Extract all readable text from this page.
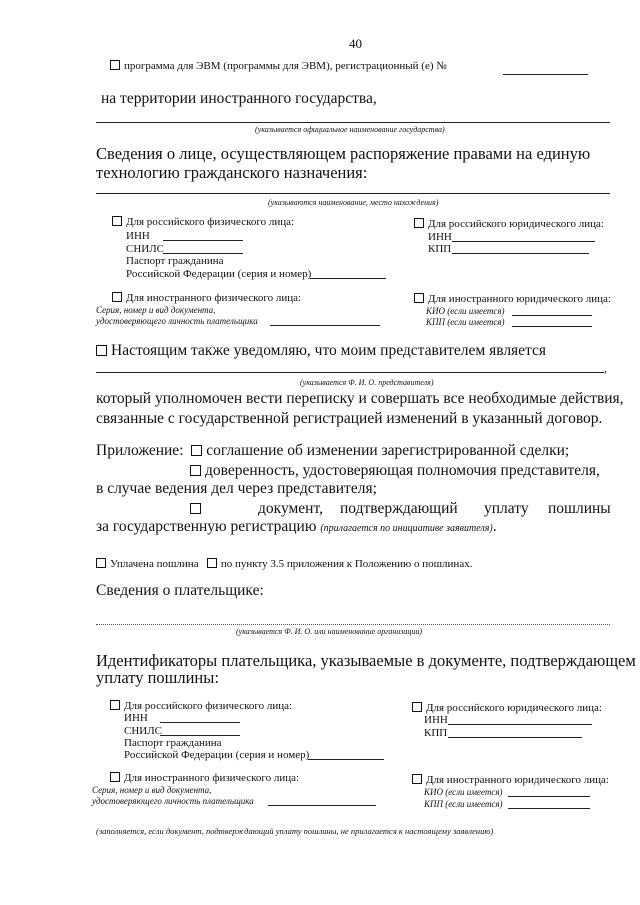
40
программа для ЭВМ (программы для ЭВМ), регистрационный (е) №
на территории иностранного государства,
(указывается официальное наименование государства)
Сведения о лице, осуществляющем распоряжение правами на единую
технологию гражданского назначения:
(указываются наименование, место нахождения)
Для российского физического лица:
ИНН
СНИЛС
Паспорт гражданина
Российской Федерации (серия и номер)
Для российского юридического лица:
ИНН
КПП
Для иностранного физического лица:
Серия, номер и вид документа,
удостоверяющего личность плательщика
Для иностранного юридического лица:
КИО (если имеется)
КПП (если имеется)
Настоящим также уведомляю, что моим представителем является
,
(указывается Ф. И. О. представителя)
который уполномочен вести переписку и совершать все необходимые действия,
связанные с государственной регистрацией изменений в указанный договор.
Приложение: соглашение об изменении зарегистрированной сделки;
доверенность, удостоверяющая полномочия представителя,
в случае ведения дел через представителя;
документ, подтверждающий уплату пошлины
за государственную регистрацию (прилагается по инициативе заявителя).
Уплачена пошлина по пункту 3.5 приложения к Положению о пошлинах.
Сведения о плательщике:
(указывается Ф. И. О. или наименование организации)
Идентификаторы плательщика, указываемые в документе, подтверждающем
уплату пошлины:
Для российского физического лица:
ИНН
СНИЛС
Паспорт гражданина
Российской Федерации (серия и номер)
Для российского юридического лица:
ИНН
КПП
Для иностранного физического лица:
Серия, номер и вид документа,
удостоверяющего личность плательщика
Для иностранного юридического лица:
КИО (если имеется)
КПП (если имеется)
(заполняется, если документ, подтверждающий уплату пошлины, не прилагается к настоящему заявлению)
